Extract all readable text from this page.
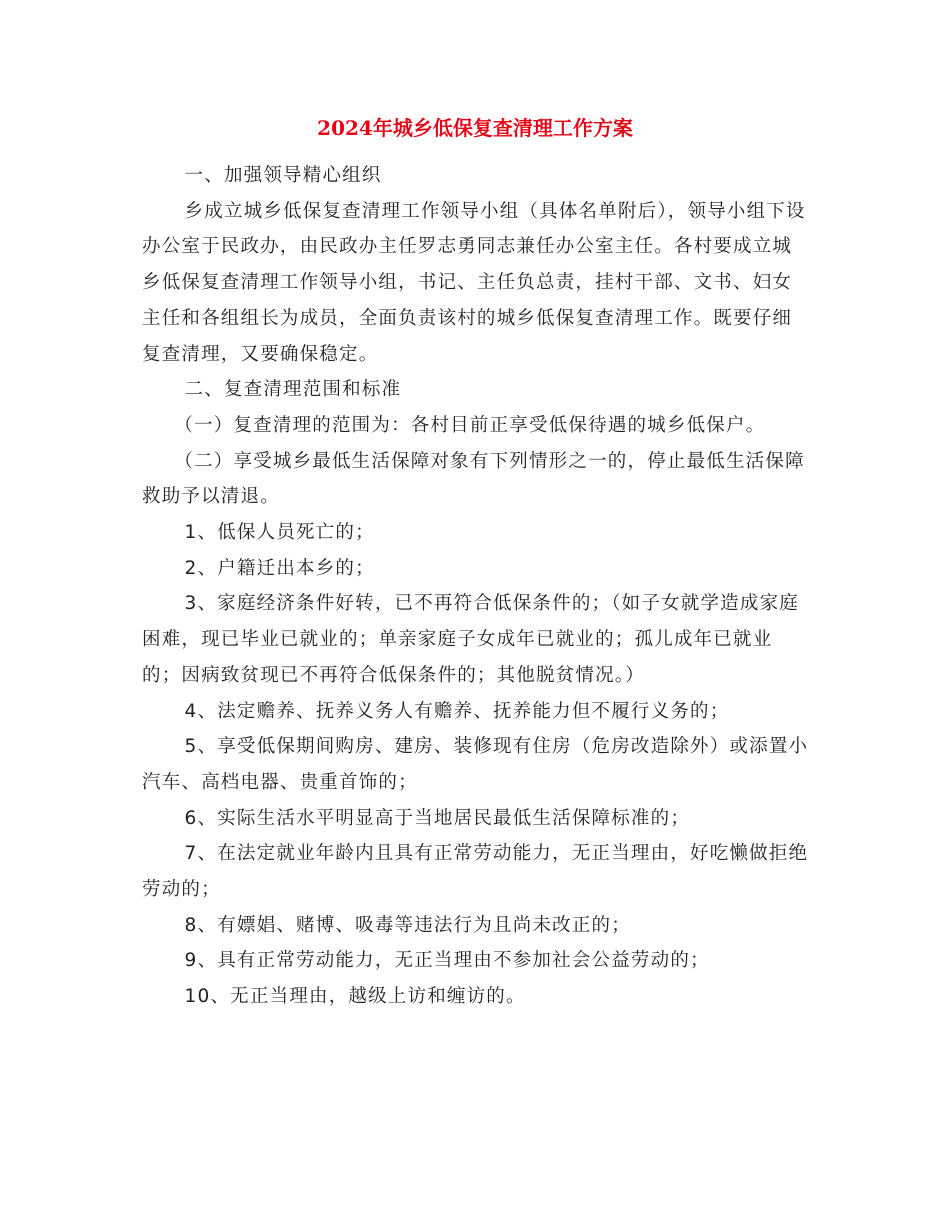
2024年城乡低保复查清理工作方案

一、加强领导精心组织

乡成立城乡低保复查清理工作领导小组（具体名单附后），领导小组下设办公室于民政办，由民政办主任罗志勇同志兼任办公室主任。各村要成立城乡低保复查清理工作领导小组，书记、主任负总责，挂村干部、文书、妇女主任和各组组长为成员，全面负责该村的城乡低保复查清理工作。既要仔细复查清理，又要确保稳定。

二、复查清理范围和标准

（一）复查清理的范围为：各村目前正享受低保待遇的城乡低保户。

（二）享受城乡最低生活保障对象有下列情形之一的，停止最低生活保障救助予以清退。

1、低保人员死亡的；

2、户籍迁出本乡的；

3、家庭经济条件好转，已不再符合低保条件的；（如子女就学造成家庭困难，现已毕业已就业的；单亲家庭子女成年已就业的；孤儿成年已就业的；因病致贫现已不再符合低保条件的；其他脱贫情况。）

4、法定赡养、抚养义务人有赡养、抚养能力但不履行义务的；

5、享受低保期间购房、建房、装修现有住房（危房改造除外）或添置小汽车、高档电器、贵重首饰的；

6、实际生活水平明显高于当地居民最低生活保障标准的；

7、在法定就业年龄内且具有正常劳动能力，无正当理由，好吃懒做拒绝劳动的；

8、有嫖娼、赌博、吸毒等违法行为且尚未改正的；

9、具有正常劳动能力，无正当理由不参加社会公益劳动的；

10、无正当理由，越级上访和缠访的。
